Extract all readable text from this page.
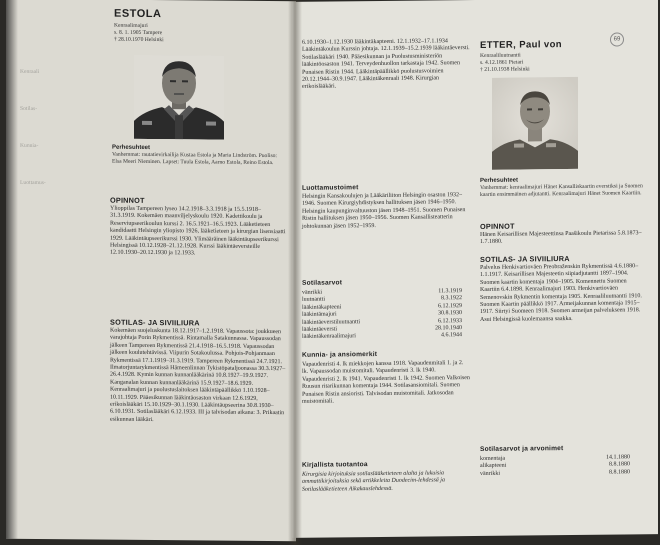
Kenraali
Sotilas-
Kunnia-
Luottamus-
ESTOLA
Kenraalimajuri
s. 8. 1. 1905 Tampere
† 28.10.1970 Helsinki
Perhesuhteet
Vanhemmat: rautatievirkailija Kustaa Estola ja Maria Lindström. Puoliso: Elsa Meeri Nieminen. Lapset: Tuula Estola, Aarno Estola, Reino Estola.
OPINNOT
Ylioppilas Tampereen lyseo 14.2.1918–3.3.1918 ja 15.5.1918–31.3.1919. Kokemäen maanviljelyskoulu 1920. Kadettikoulu ja Reserviupseerikoulun kurssi 2. 16.5.1921–16.5.1923. Lääketieteen kandidaatti Helsingin yliopisto 1926, lääketieteen ja kirurgian lisensiaatti 1929. Lääkintäupseerikurssi 1930. Ylimääräinen lääkintäupseerikurssi Helsingissä 10.12.1928–21.12.1928. Kurssi lääkintäeversteille 12.10.1930–20.12.1930 ja 12.1933.
SOTILAS- JA SIVIILIURA
Kokemäen suojeluskunta 18.12.1917–1.2.1918. Vapaussota: joukkueen varajohtaja Porin Rykmentissä. Rintamalla Satakunnassa. Vapaussodan jälkeen Tampereen Rykmentissä 21.4.1918–16.5.1918. Vapaussodan jälkeen koulutehtävissä. Viipurin Sotakoulussa. Pohjois-Pohjanmaan Rykmentissä 17.1.1919–31.3.1919. Tampereen Rykmentissä 24.7.1921. Ilmatorjuntarykmentissä Hämeenlinnan Tykistöpataljoonassa 30.3.1927–26.4.1928. Kymin kunnan kunnanlääkärinä 10.8.1927–19.9.1927. Kanganalan kunnan kunnanlääkärinä 15.9.1927–18.6.1929. Kenraalimajuri ja puolustuslaitoksen lääkintäpäällikkö 1.10.1928–10.11.1929. Pääesikunnan lääkintäosaston virkaan 12.6.1929, erikoislääkäri 15.10.1929–30.1.1930. Lääkintäupseerina 30.8.1930–6.10.1931. Sotilaslääkäri 6.12.1933. III ja talvisodan aikana: 3. Prikaatin esikunnan lääkäri.
69
6.10.1930–1.12.1930 lääkintäkapteeni. 12.1.1932–17.1.1934 Lääkintäkoulun Kurssin johtaja. 12.1.1939–15.2.1939 lääkintäeversti. Sotilaslääkäri 1940. Pääesikunnan ja Puolustusministeriön lääkintöosaston 1941. Terveydenhuollon tarkastaja 1942. Suomen Punaisen Ristin 1944. Lääkintäpäällikkö puolustusvoimien 20.12.1944–30.9.1947. Lääkintäkenraali 1948. Kirurgian erikoislääkäri.
Luottamustoimet
Helsingin Kansakoulujen ja Lääkäriliiton Helsingin osaston 1932–1946. Suomen Kirurgiyhdistyksen hallituksen jäsen 1946–1950. Helsingin kaupunginvaltuuston jäsen 1948–1951. Suomen Punaisen Ristin hallituksen jäsen 1950–1956. Suomen Kansallisteatterin johtokunnan jäsen 1952–1959.
Sotilasarvot
vänrikki	11.3.1919
luutnantti	8.3.1922
lääkintäkapteeni	6.12.1929
lääkintämajuri	30.8.1930
lääkintäeverstiluutnantti	6.12.1933
lääkintäeversti	28.10.1940
lääkintäkenraalimajuri	4.6.1944
Kunnia- ja ansiomerkit
Vapaudenristi 4. lk miekkojen kanssa 1918. Vapaudenmitali 1. ja 2. lk. Vapaussodan muistomitali. Vapaudenristi 3. lk 1940. Vapaudenristi 2. lk 1941. Vapaudenristi 1. lk 1942. Suomen Valkoisen Ruusun ritarikunnan komentaja 1944. Sotilasansiomitali. Suomen Punaisen Ristin ansioristi. Talvisodan muistomitali. Jatkosodan muistomitali.
Kirjallista tuotantoa
Kirurgisia kirjoituksia sotilaslääketieteen alalta ja lukuisia ammattikirjoituksia sekä artikkeleita Duodecim-lehdessä ja Sotilaslääketieteen Aikakauslehdessä.
ETTER, Paul von
Kenraaliluutnantti
s. 4.12.1861 Pietari
† 21.10.1938 Helsinki
Perhesuhteet
Vanhemmat: kenraalimajuri Hänet Kansalliskaartin everstiksi ja Suomen kaartin ensimmäinen adjutantti. Kenraalimajuri Hänet Suomen Kaartiin.
OPINNOT
Hänen Keisarillisen Majesteettinsa Paašikoulu Pietarissa 5.8.1873–1.7.1880.
SOTILAS- JA SIVIILIURA
Palvelus Henkivartioväen Preobraženskin Rykmentissä 4.6.1880–1.1.1917. Keisarillisen Majesteetin siipiadjutantti 1897–1904. Suomen kaartin komentaja 1904–1905. Komennettu Suomen Kaartiin 6.4.1898. Kenraalimajuri 1903. Henkivartioväen Semenovskin Rykmentin komentaja 1905. Kenraaliluutnantti 1910. Suomen Kaartin päällikkö 1917. Armeijakunnan komentaja 1915–1917. Siirtyi Suomeen 1918. Suomen armeijan palvelukseen 1918. Asui Helsingissä kuolemaansa saakka.
Sotilasarvot ja arvonimet
komentaja	14.1.1880
alikapteeni	8.8.1880
vänrikki	8.8.1880
